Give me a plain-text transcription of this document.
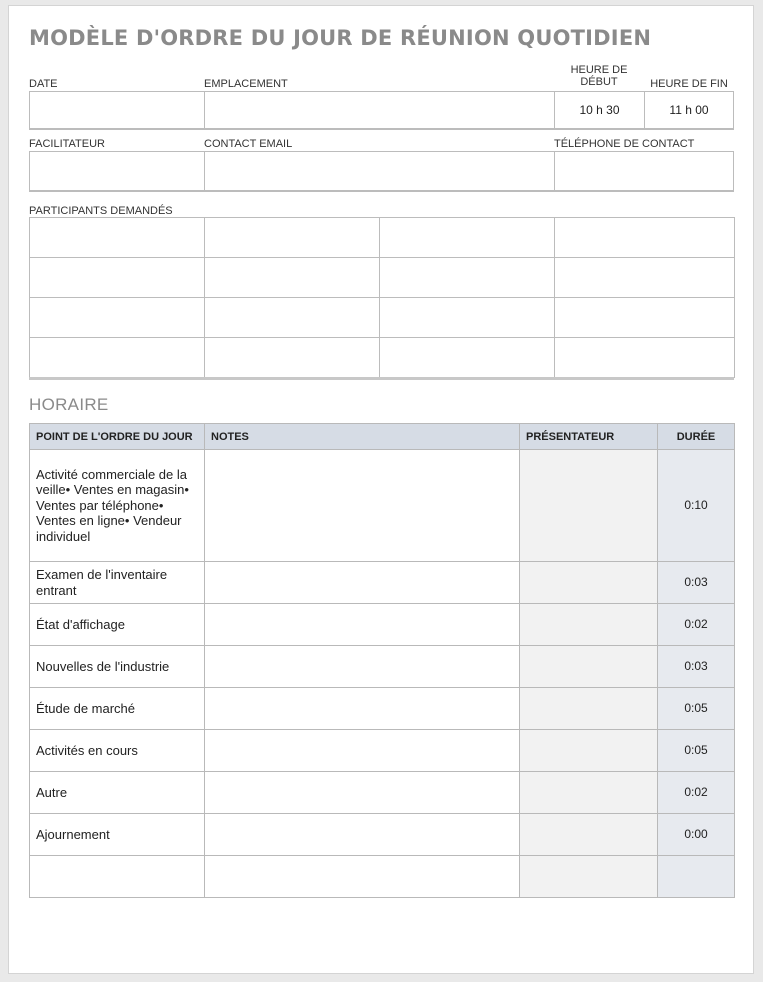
MODÈLE D'ORDRE DU JOUR DE RÉUNION QUOTIDIEN
DATE	EMPLACEMENT
HEURE DE DÉBUT	HEURE DE FIN
10 h 30	11 h 00
FACILITATEUR	CONTACT EMAIL	TÉLÉPHONE DE CONTACT
PARTICIPANTS DEMANDÉS

HORAIRE
POINT DE L'ORDRE DU JOUR	NOTES	PRÉSENTATEUR	DURÉE
Activité commerciale de la veille• Ventes en magasin• Ventes par téléphone• Ventes en ligne• Vendeur individuel			0:10
Examen de l'inventaire entrant			0:03
État d'affichage			0:02
Nouvelles de l'industrie			0:03
Étude de marché			0:05
Activités en cours			0:05
Autre			0:02
Ajournement			0:00
